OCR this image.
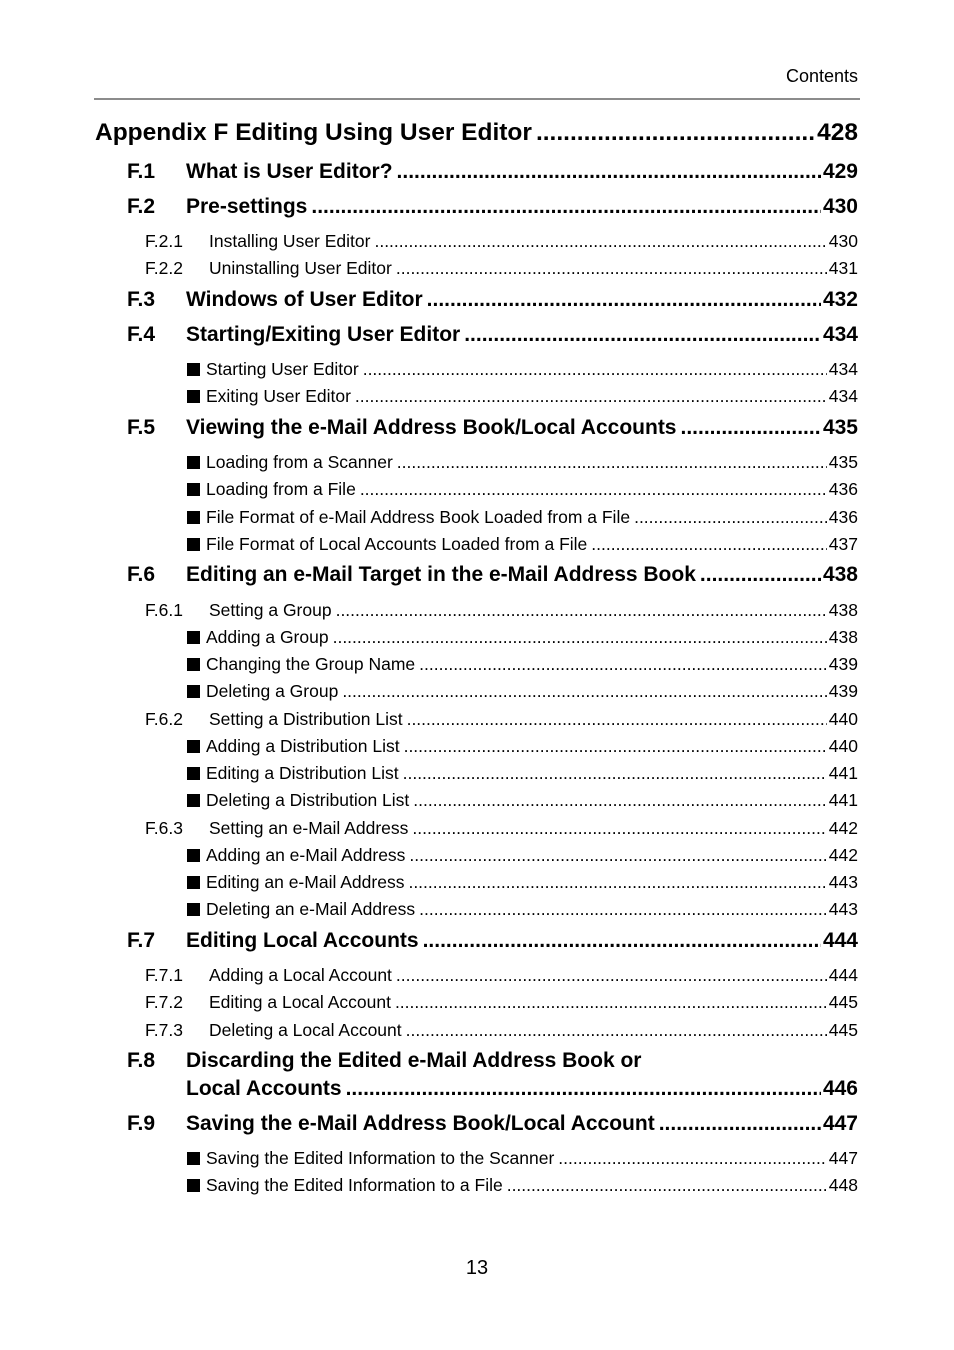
Contents
Appendix F Editing Using User Editor .....	428
F.1	What is User Editor? .....	429
F.2	Pre-settings .....	430
F.2.1	Installing User Editor .....	430
F.2.2	Uninstalling User Editor .....	431
F.3	Windows of User Editor .....	432
F.4	Starting/Exiting User Editor .....	434
Starting User Editor .....	434
Exiting User Editor .....	434
F.5	Viewing the e-Mail Address Book/Local Accounts .....	435
Loading from a Scanner .....	435
Loading from a File .....	436
File Format of e-Mail Address Book Loaded from a File .....	436
File Format of Local Accounts Loaded from a File .....	437
F.6	Editing an e-Mail Target in the e-Mail Address Book .....	438
F.6.1	Setting a Group .....	438
Adding a Group .....	438
Changing the Group Name .....	439
Deleting a Group .....	439
F.6.2	Setting a Distribution List .....	440
Adding a Distribution List .....	440
Editing a Distribution List .....	441
Deleting a Distribution List .....	441
F.6.3	Setting an e-Mail Address .....	442
Adding an e-Mail Address .....	442
Editing an e-Mail Address .....	443
Deleting an e-Mail Address .....	443
F.7	Editing Local Accounts .....	444
F.7.1	Adding a Local Account .....	444
F.7.2	Editing a Local Account .....	445
F.7.3	Deleting a Local Account .....	445
F.8 Discarding the Edited e-Mail Address Book or
Local Accounts .....	446
F.9	Saving the e-Mail Address Book/Local Account .....	447
Saving the Edited Information to the Scanner .....	447
Saving the Edited Information to a File .....	448
13
